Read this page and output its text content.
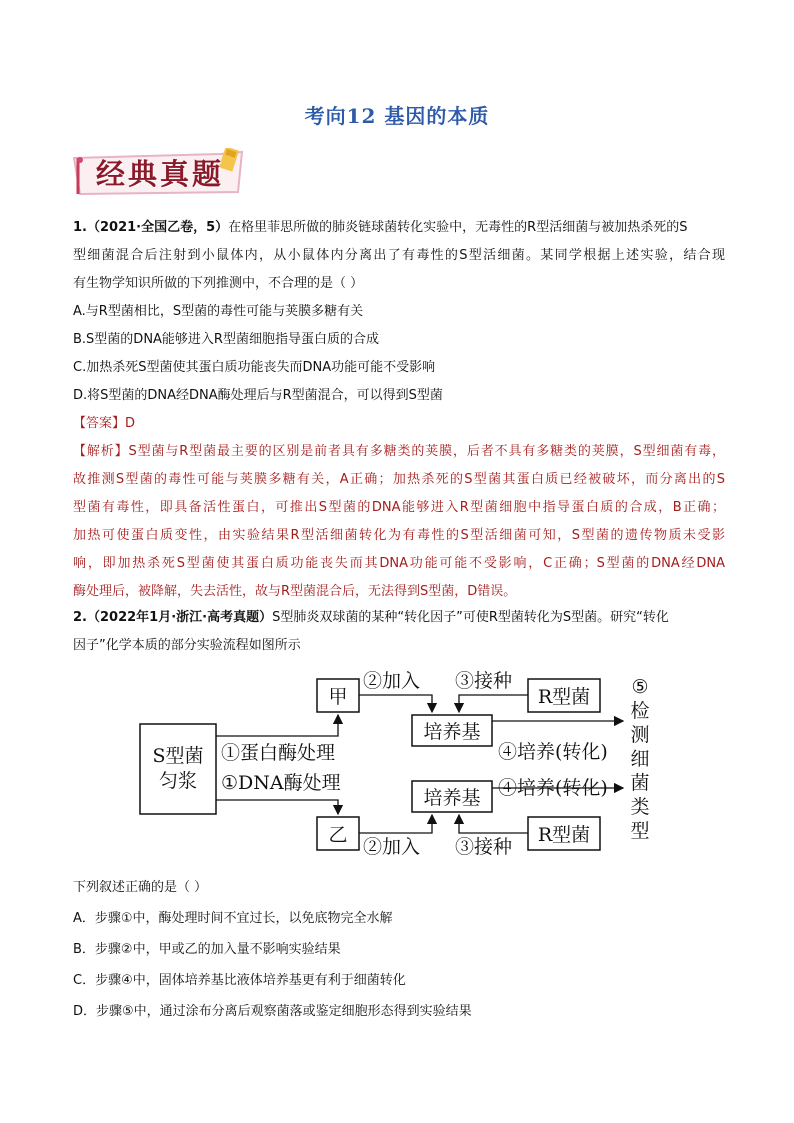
考向12 基因的本质
经典真题
1.（2021·全国乙卷，5）在格里菲思所做的肺炎链球菌转化实验中，无毒性的R型活细菌与被加热杀死的S
型细菌混合后注射到小鼠体内，从小鼠体内分离出了有毒性的S型活细菌。某同学根据上述实验，结合现
有生物学知识所做的下列推测中，不合理的是（ ）
A.与R型菌相比，S型菌的毒性可能与荚膜多糖有关
B.S型菌的DNA能够进入R型菌细胞指导蛋白质的合成
C.加热杀死S型菌使其蛋白质功能丧失而DNA功能可能不受影响
D.将S型菌的DNA经DNA酶处理后与R型菌混合，可以得到S型菌
【答案】D
【解析】S型菌与R型菌最主要的区别是前者具有多糖类的荚膜，后者不具有多糖类的荚膜，S型细菌有毒，
故推测S型菌的毒性可能与荚膜多糖有关，A正确；加热杀死的S型菌其蛋白质已经被破坏，而分离出的S
型菌有毒性，即具备活性蛋白，可推出S型菌的DNA能够进入R型菌细胞中指导蛋白质的合成，B正确；
加热可使蛋白质变性，由实验结果R型活细菌转化为有毒性的S型活细菌可知，S型菌的遗传物质未受影
响，即加热杀死S型菌使其蛋白质功能丧失而其DNA功能可能不受影响，C正确；S型菌的DNA经DNA
酶处理后，被降解，失去活性，故与R型菌混合后，无法得到S型菌，D错误。
2.（2022年1月·浙江·高考真题）S型肺炎双球菌的某种“转化因子”可使R型菌转化为S型菌。研究“转化
因子”化学本质的部分实验流程如图所示
S型菌
匀浆
甲
乙
培养基
培养基
R型菌
R型菌
①蛋白酶处理
①DNA酶处理
②加入
②加入
③接种
③接种
④培养(转化)
④培养(转化)
⑤
检
测
细
菌
类
型
下列叙述正确的是（ ）
A．步骤①中，酶处理时间不宜过长，以免底物完全水解
B．步骤②中，甲或乙的加入量不影响实验结果
C．步骤④中，固体培养基比液体培养基更有利于细菌转化
D．步骤⑤中，通过涂布分离后观察菌落或鉴定细胞形态得到实验结果
